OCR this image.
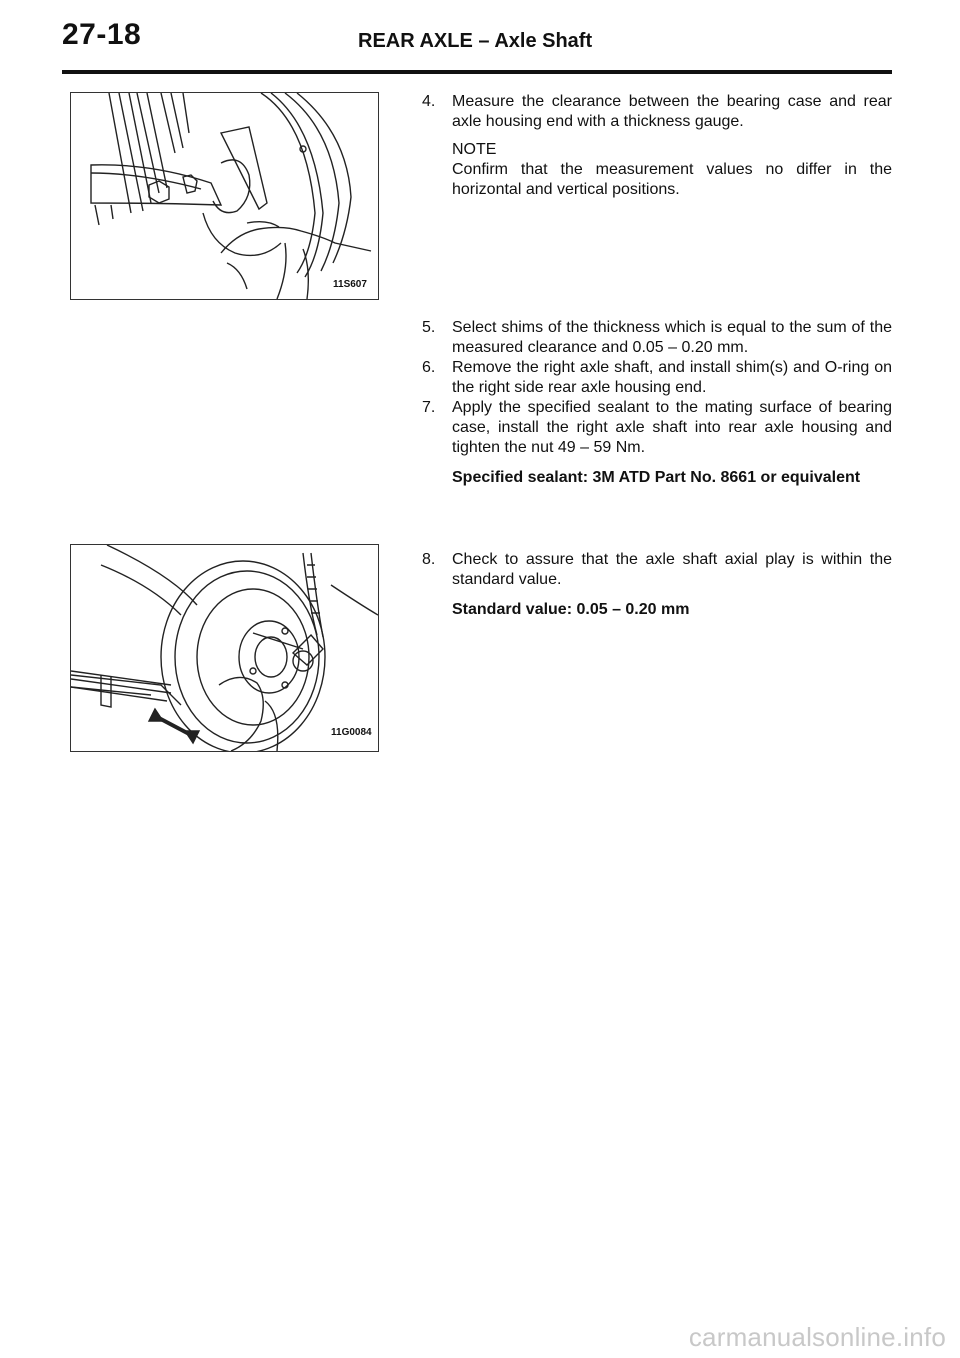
27-18	REAR AXLE – Axle Shaft
11S607

4. Measure the clearance between the bearing case and rear axle housing end with a thickness gauge.

NOTE
Confirm that the measurement values no differ in the horizontal and vertical positions.

5. Select shims of the thickness which is equal to the sum of the measured clearance and 0.05 – 0.20 mm.

6. Remove the right axle shaft, and install shim(s) and O-ring on the right side rear axle housing end.

7. Apply the specified sealant to the mating surface of bearing case, install the right axle shaft into rear axle housing and tighten the nut 49 – 59 Nm.

Specified sealant: 3M ATD Part No. 8661 or equivalent
11G0084

8. Check to assure that the axle shaft axial play is within the standard value.

Standard value: 0.05 – 0.20 mm
carmanualsonline.info
